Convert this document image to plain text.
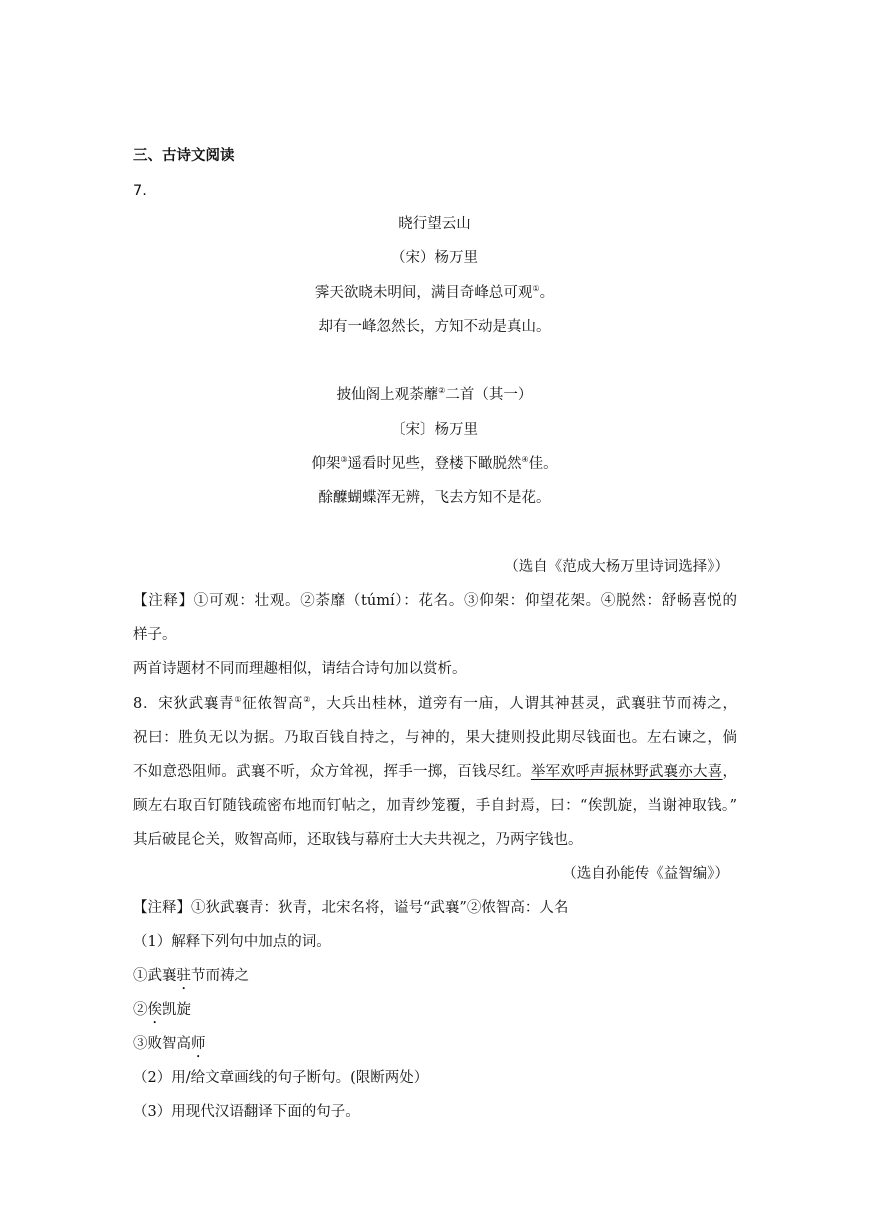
三、古诗文阅读
7.
晓行望云山
（宋）杨万里
霁天欲晓未明间，满目奇峰总可观①。
却有一峰忽然长，方知不动是真山。
披仙阁上观荼蘼②二首（其一）
〔宋〕杨万里
仰架③遥看时见些，登楼下瞰脱然④佳。
酴醾蝴蝶浑无辨，飞去方知不是花。
（选自《范成大杨万里诗词选择》）
【注释】①可观：壮观。②荼靡（túmí）：花名。③仰架：仰望花架。④脱然：舒畅喜悦的
样子。
两首诗题材不同而理趣相似，请结合诗句加以赏析。
8．宋狄武襄青①征侬智高②，大兵出桂林，道旁有一庙，人谓其神甚灵，武襄驻节而祷之，
祝曰：胜负无以为据。乃取百钱自持之，与神的，果大捷则投此期尽钱面也。左右谏之，倘
不如意恐阻师。武襄不听，众方耸视，挥手一掷，百钱尽红。举军欢呼声振林野武襄亦大喜，
顾左右取百钉随钱疏密布地而钉帖之，加青纱笼覆，手自封焉，曰：“俟凯旋，当谢神取钱。”
其后破昆仑关，败智高师，还取钱与幕府士大夫共视之，乃两字钱也。
（选自孙能传《益智编》）
【注释】①狄武襄青：狄青，北宋名将，谥号“武襄”②侬智高：人名
（1）解释下列句中加点的词。
①武襄驻节而祷之
②俟凯旋
③败智高师
（2）用/给文章画线的句子断句。(限断两处）
（3）用现代汉语翻译下面的句子。
